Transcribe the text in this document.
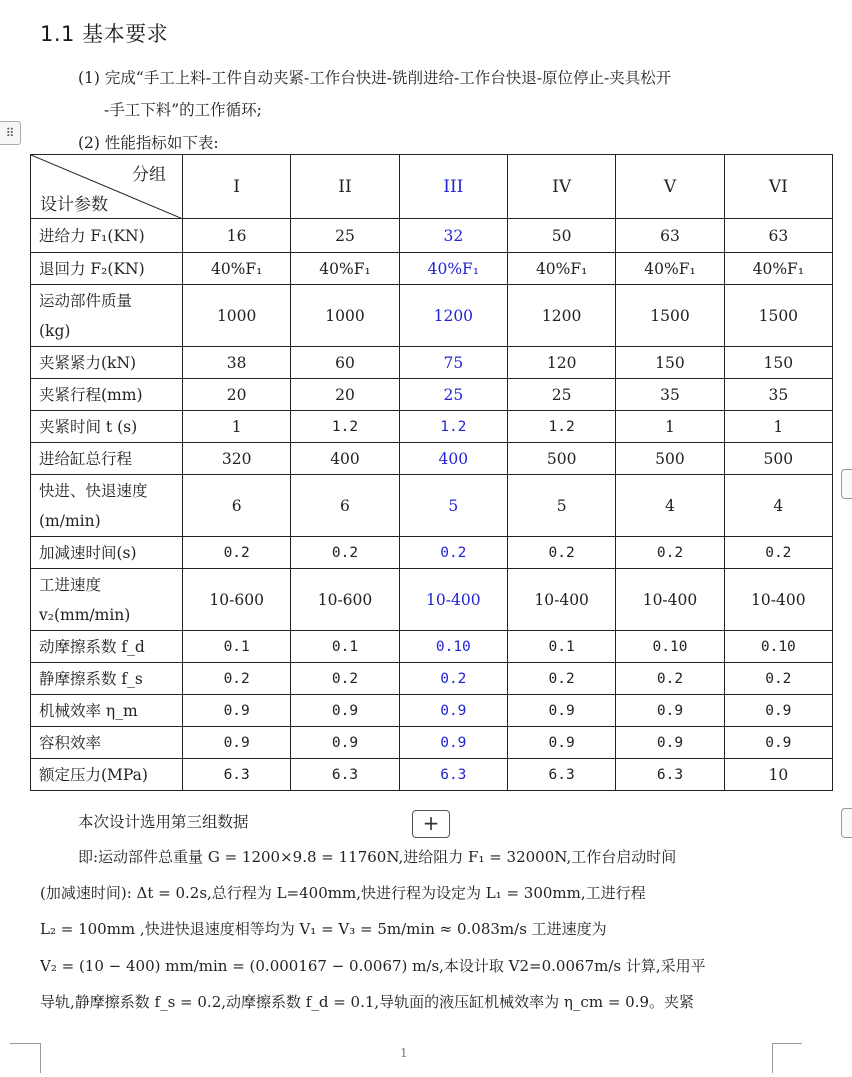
1.1 基本要求
(1) 完成“手工上料-工件自动夹紧-工作台快进-铣削进给-工作台快退-原位停止-夹具松开
-手工下料”的工作循环;
(2) 性能指标如下表:
⠿
分组
设计参数	I	II	III	IV	V	VI
进给力 F₁(KN)	16	25	32	50	63	63
退回力 F₂(KN)	40%F₁	40%F₁	40%F₁	40%F₁	40%F₁	40%F₁
运动部件质量
(kg)	1000	1000	1200	1200	1500	1500
夹紧紧力(kN)	38	60	75	120	150	150
夹紧行程(mm)	20	20	25	25	35	35
夹紧时间 t (s)	1	1.2	1.2	1.2	1	1
进给缸总行程	320	400	400	500	500	500
快进、快退速度
(m/min)	6	6	5	5	4	4
加减速时间(s)	0.2	0.2	0.2	0.2	0.2	0.2
工进速度
v₂(mm/min)	10-600	10-600	10-400	10-400	10-400	10-400
动摩擦系数 f_d	0.1	0.1	0.10	0.1	0.10	0.10
静摩擦系数 f_s	0.2	0.2	0.2	0.2	0.2	0.2
机械效率 η_m	0.9	0.9	0.9	0.9	0.9	0.9
容积效率	0.9	0.9	0.9	0.9	0.9	0.9
额定压力(MPa)	6.3	6.3	6.3	6.3	6.3	10
本次设计选用第三组数据	+
即:运动部件总重量 G = 1200×9.8 = 11760N,进给阻力 F₁ = 32000N,工作台启动时间
(加减速时间): Δt = 0.2s,总行程为 L=400mm,快进行程为设定为 L₁ = 300mm,工进行程
L₂ = 100mm ,快进快退速度相等均为 V₁ = V₃ = 5m/min ≈ 0.083m/s 工进速度为
V₂ = (10 − 400) mm/min = (0.000167 − 0.0067) m/s,本设计取 V2=0.0067m/s 计算,采用平
导轨,静摩擦系数 f_s = 0.2,动摩擦系数 f_d = 0.1,导轨面的液压缸机械效率为 η_cm = 0.9。夹紧
1
